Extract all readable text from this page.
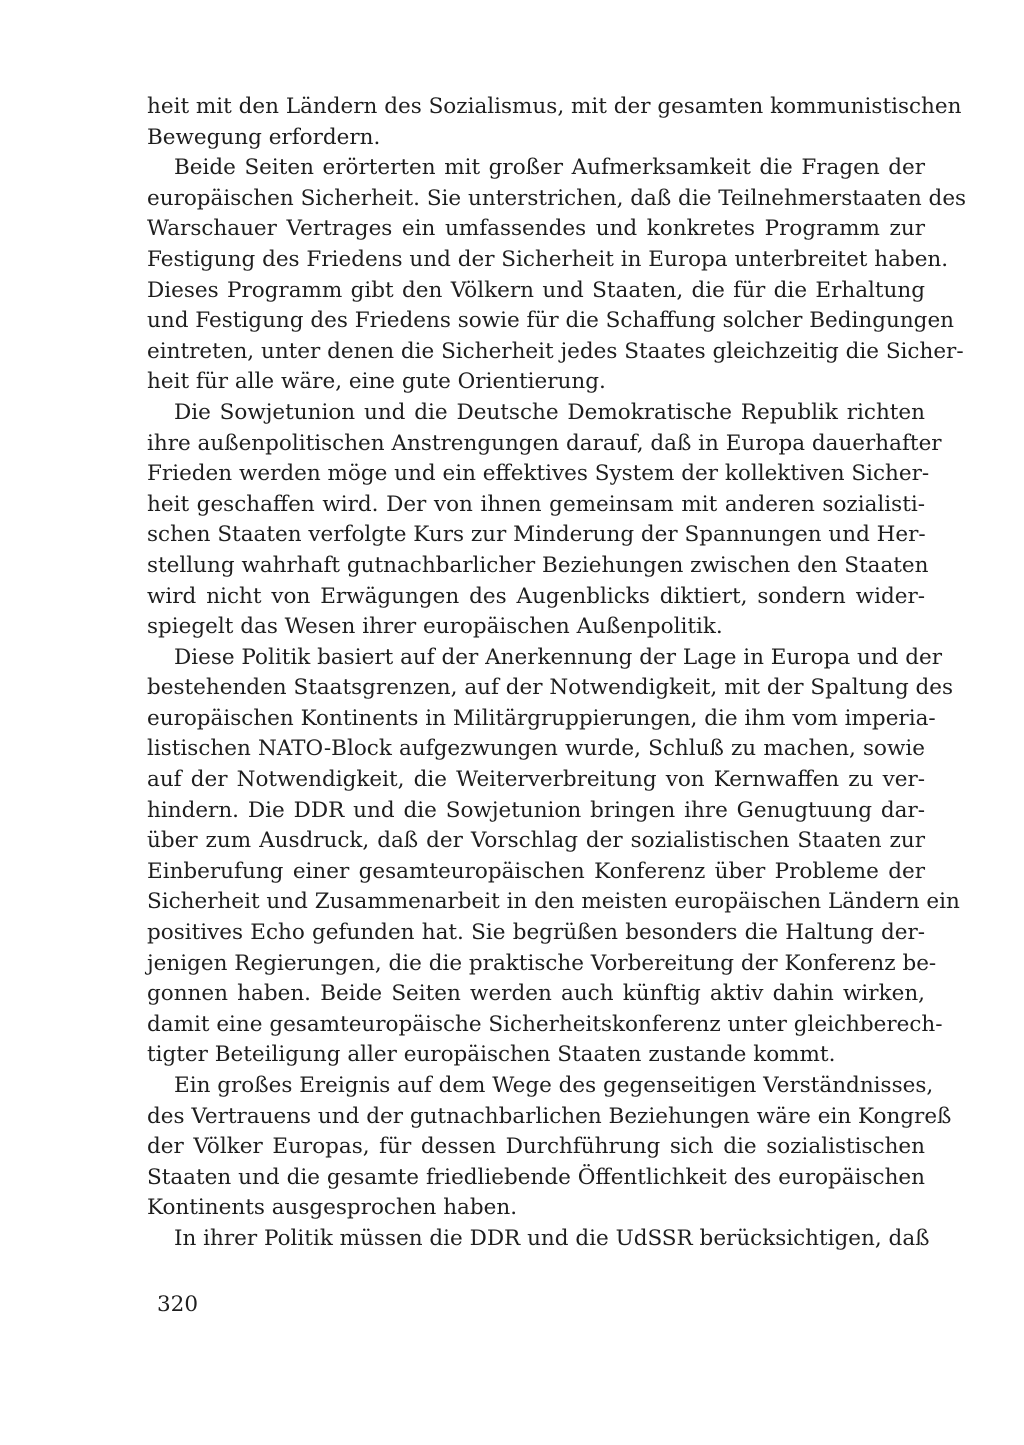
heit mit den Ländern des Sozialismus, mit der gesamten kommunistischen
Bewegung erfordern.
Beide Seiten erörterten mit großer Aufmerksamkeit die Fragen der
europäischen Sicherheit. Sie unterstrichen, daß die Teilnehmerstaaten des
Warschauer Vertrages ein umfassendes und konkretes Programm zur
Festigung des Friedens und der Sicherheit in Europa unterbreitet haben.
Dieses Programm gibt den Völkern und Staaten, die für die Erhaltung
und Festigung des Friedens sowie für die Schaffung solcher Bedingungen
eintreten, unter denen die Sicherheit jedes Staates gleichzeitig die Sicher-
heit für alle wäre, eine gute Orientierung.
Die Sowjetunion und die Deutsche Demokratische Republik richten
ihre außenpolitischen Anstrengungen darauf, daß in Europa dauerhafter
Frieden werden möge und ein effektives System der kollektiven Sicher-
heit geschaffen wird. Der von ihnen gemeinsam mit anderen sozialisti-
schen Staaten verfolgte Kurs zur Minderung der Spannungen und Her-
stellung wahrhaft gutnachbarlicher Beziehungen zwischen den Staaten
wird nicht von Erwägungen des Augenblicks diktiert, sondern wider-
spiegelt das Wesen ihrer europäischen Außenpolitik.
Diese Politik basiert auf der Anerkennung der Lage in Europa und der
bestehenden Staatsgrenzen, auf der Notwendigkeit, mit der Spaltung des
europäischen Kontinents in Militärgruppierungen, die ihm vom imperia-
listischen NATO-Block aufgezwungen wurde, Schluß zu machen, sowie
auf der Notwendigkeit, die Weiterverbreitung von Kernwaffen zu ver-
hindern. Die DDR und die Sowjetunion bringen ihre Genugtuung dar-
über zum Ausdruck, daß der Vorschlag der sozialistischen Staaten zur
Einberufung einer gesamteuropäischen Konferenz über Probleme der
Sicherheit und Zusammenarbeit in den meisten europäischen Ländern ein
positives Echo gefunden hat. Sie begrüßen besonders die Haltung der-
jenigen Regierungen, die die praktische Vorbereitung der Konferenz be-
gonnen haben. Beide Seiten werden auch künftig aktiv dahin wirken,
damit eine gesamteuropäische Sicherheitskonferenz unter gleichberech-
tigter Beteiligung aller europäischen Staaten zustande kommt.
Ein großes Ereignis auf dem Wege des gegenseitigen Verständnisses,
des Vertrauens und der gutnachbarlichen Beziehungen wäre ein Kongreß
der Völker Europas, für dessen Durchführung sich die sozialistischen
Staaten und die gesamte friedliebende Öffentlichkeit des europäischen
Kontinents ausgesprochen haben.
In ihrer Politik müssen die DDR und die UdSSR berücksichtigen, daß
320
